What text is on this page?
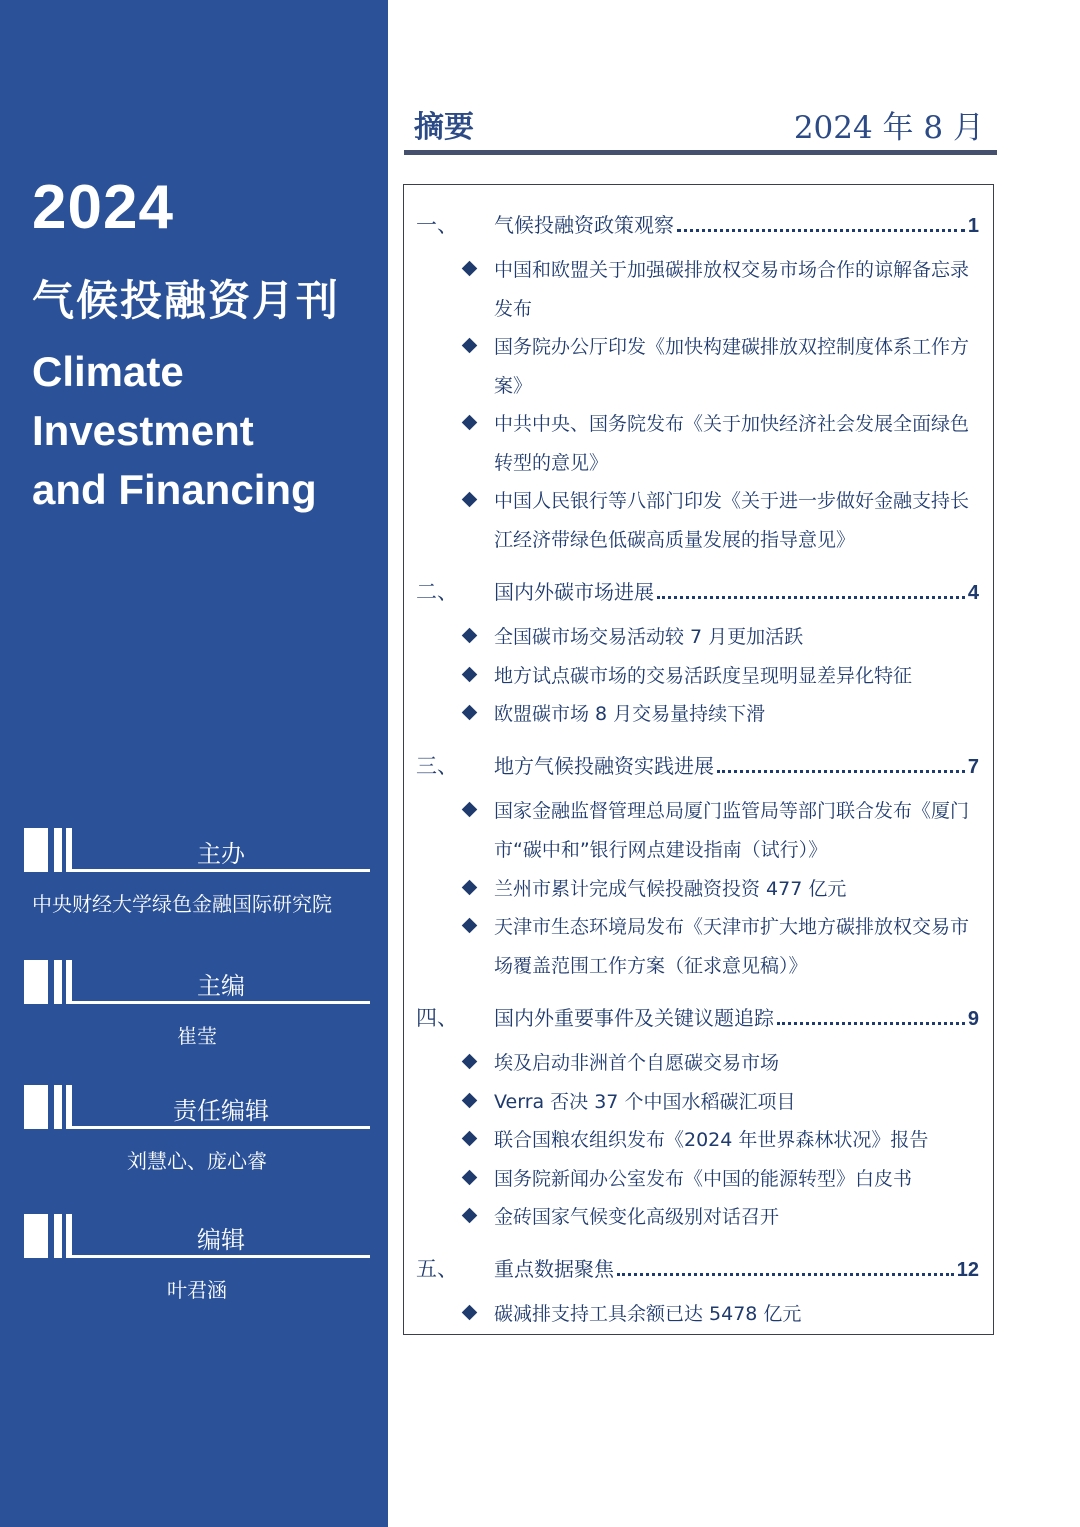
2024
气候投融资月刊
Climate
Investment
and Financing
主办
中央财经大学绿色金融国际研究院
主编
崔莹
责任编辑
刘慧心、庞心睿
编辑
叶君涵
摘要	2024 年 8 月
一、 气候投融资政策观察	1
中国和欧盟关于加强碳排放权交易市场合作的谅解备忘录发布
国务院办公厅印发《加快构建碳排放双控制度体系工作方案》
中共中央、国务院发布《关于加快经济社会发展全面绿色转型的意见》
中国人民银行等八部门印发《关于进一步做好金融支持长江经济带绿色低碳高质量发展的指导意见》
二、 国内外碳市场进展	4
全国碳市场交易活动较 7 月更加活跃
地方试点碳市场的交易活跃度呈现明显差异化特征
欧盟碳市场 8 月交易量持续下滑
三、 地方气候投融资实践进展	7
国家金融监督管理总局厦门监管局等部门联合发布《厦门市“碳中和”银行网点建设指南（试行）》
兰州市累计完成气候投融资投资 477 亿元
天津市生态环境局发布《天津市扩大地方碳排放权交易市场覆盖范围工作方案（征求意见稿）》
四、 国内外重要事件及关键议题追踪	9
埃及启动非洲首个自愿碳交易市场
Verra 否决 37 个中国水稻碳汇项目
联合国粮农组织发布《2024 年世界森林状况》报告
国务院新闻办公室发布《中国的能源转型》白皮书
金砖国家气候变化高级别对话召开
五、 重点数据聚焦	12
碳减排支持工具余额已达 5478 亿元
